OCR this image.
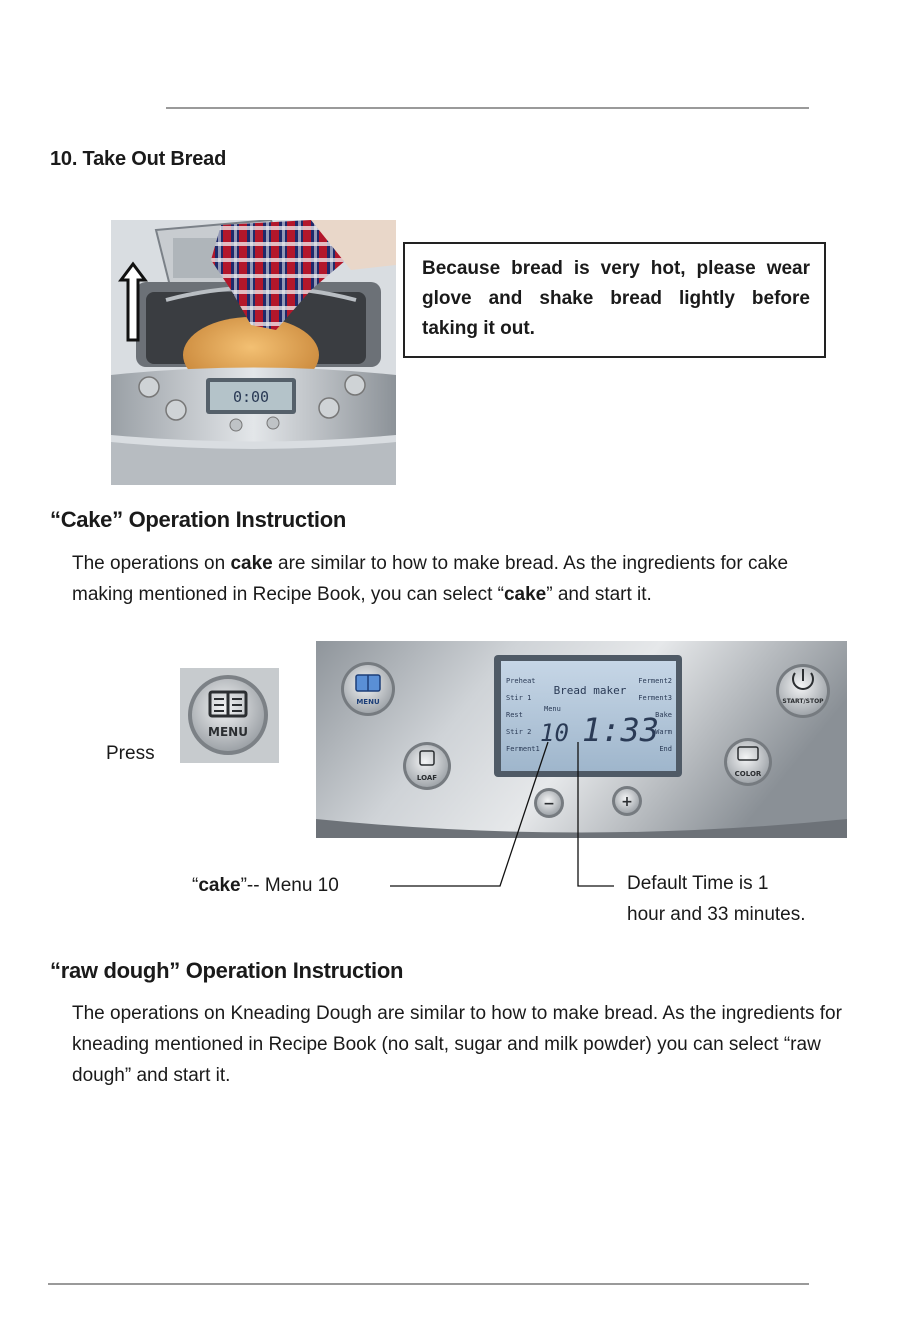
10. Take Out Bread
0:00
Because bread is very hot, please wear glove and shake bread lightly before taking it out.
“Cake” Operation Instruction
The operations on cake are similar to how to make bread. As the ingredients for cake making mentioned in Recipe Book, you can select “cake” and start it.
Press
MENU
Bread maker
Preheat
Stir 1
Rest
Stir 2
Ferment1
Ferment2
Ferment3
Bake
Warm
End
Menu
10 1:33
MENU
LOAF
START/STOP
COLOR
−	+
“cake”-- Menu 10	Default Time is 1
hour and 33 minutes.
“raw dough” Operation Instruction
The operations on Kneading Dough are similar to how to make bread. As the ingredients for kneading mentioned in Recipe Book (no salt, sugar and milk powder) you can select “raw dough” and start it.
